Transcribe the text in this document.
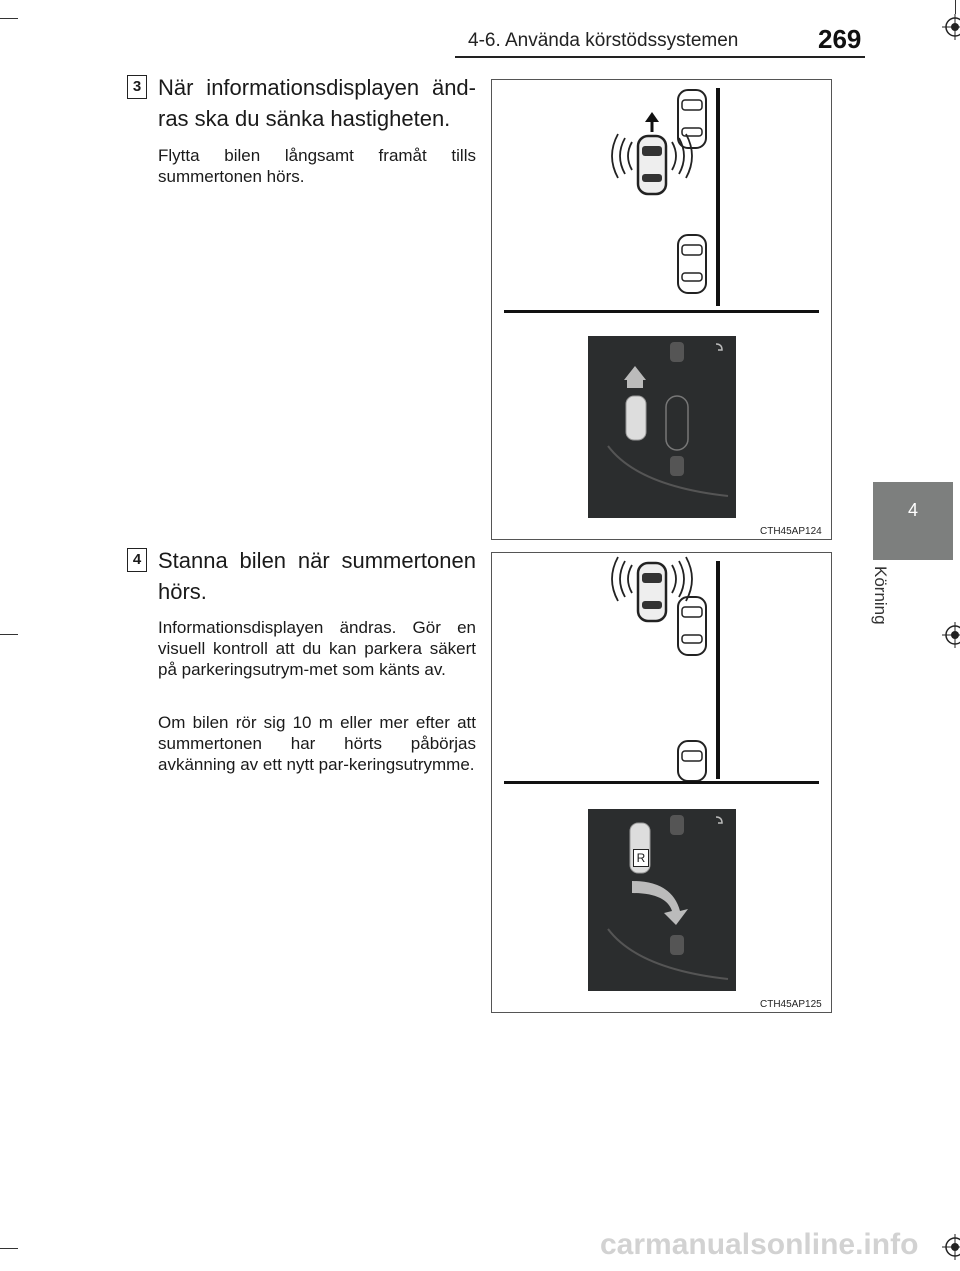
4-6. Använda körstödssystemen	269
4
Körning
3 När informationsdisplayen änd-ras ska du sänka hastigheten.
Flytta bilen långsamt framåt tills summertonen hörs.
CTH45AP124
4 Stanna bilen när summertonen hörs.
Informationsdisplayen ändras. Gör en visuell kontroll att du kan parkera säkert på parkeringsutrym-met som känts av.
Om bilen rör sig 10 m eller mer efter att summertonen har hörts påbörjas avkänning av ett nytt par-keringsutrymme.
R
CTH45AP125
carmanualsonline.info
